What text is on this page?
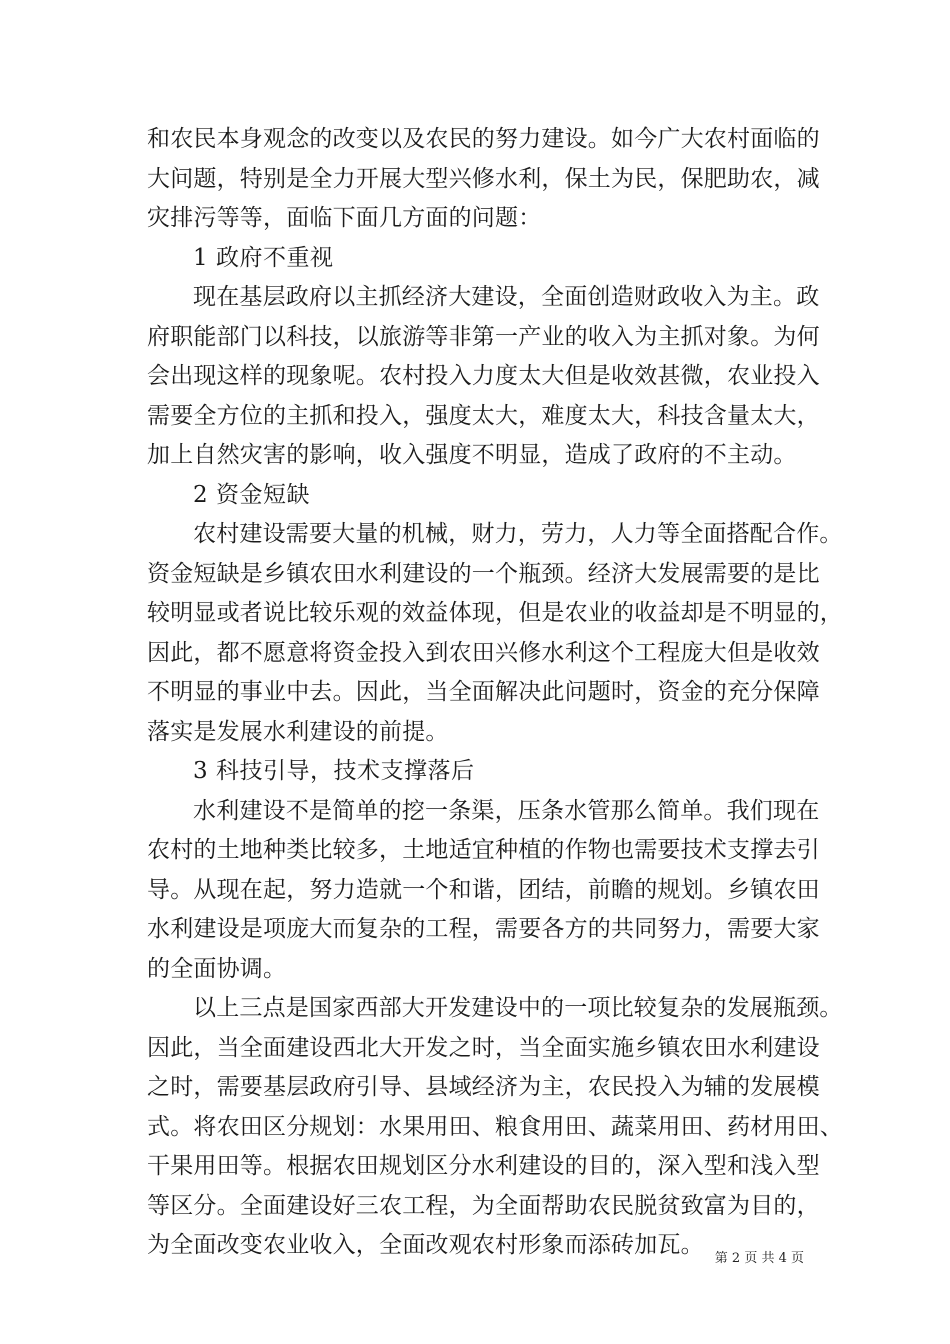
和农民本身观念的改变以及农民的努力建设。如今广大农村面临的
大问题，特别是全力开展大型兴修水利，保土为民，保肥助农，减
灾排污等等，面临下面几方面的问题：
1 政府不重视
现在基层政府以主抓经济大建设，全面创造财政收入为主。政
府职能部门以科技，以旅游等非第一产业的收入为主抓对象。为何
会出现这样的现象呢。农村投入力度太大但是收效甚微，农业投入
需要全方位的主抓和投入，强度太大，难度太大，科技含量太大，
加上自然灾害的影响，收入强度不明显，造成了政府的不主动。
2 资金短缺
农村建设需要大量的机械，财力，劳力，人力等全面搭配合作。
资金短缺是乡镇农田水利建设的一个瓶颈。经济大发展需要的是比
较明显或者说比较乐观的效益体现，但是农业的收益却是不明显的，
因此，都不愿意将资金投入到农田兴修水利这个工程庞大但是收效
不明显的事业中去。因此，当全面解决此问题时，资金的充分保障
落实是发展水利建设的前提。
3 科技引导，技术支撑落后
水利建设不是简单的挖一条渠，压条水管那么简单。我们现在
农村的土地种类比较多，土地适宜种植的作物也需要技术支撑去引
导。从现在起，努力造就一个和谐，团结，前瞻的规划。乡镇农田
水利建设是项庞大而复杂的工程，需要各方的共同努力，需要大家
的全面协调。
以上三点是国家西部大开发建设中的一项比较复杂的发展瓶颈。
因此，当全面建设西北大开发之时，当全面实施乡镇农田水利建设
之时，需要基层政府引导、县域经济为主，农民投入为辅的发展模
式。将农田区分规划：水果用田、粮食用田、蔬菜用田、药材用田、
干果用田等。根据农田规划区分水利建设的目的，深入型和浅入型
等区分。全面建设好三农工程，为全面帮助农民脱贫致富为目的，
为全面改变农业收入，全面改观农村形象而添砖加瓦。
第 2 页 共 4 页
